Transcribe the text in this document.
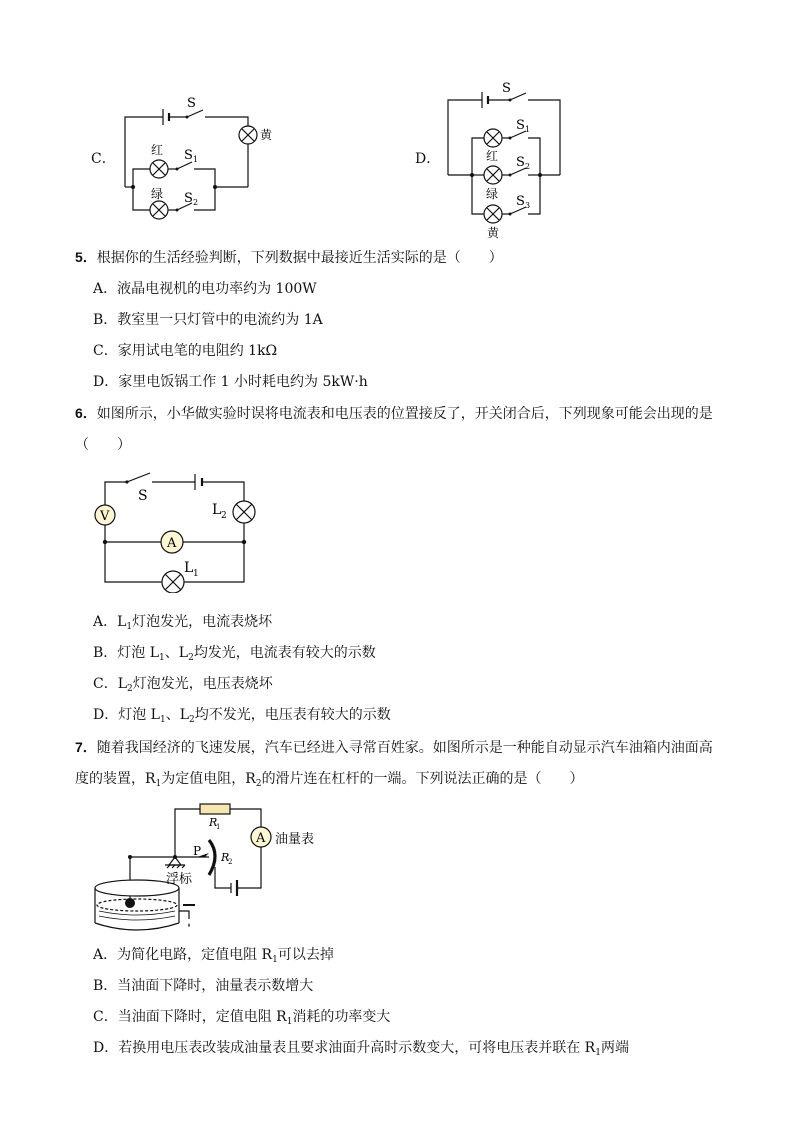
C．
S
黄
红 S 1
绿 S 2
D．
S
S 1
红 S 2
绿 S 3
黄
5．根据你的生活经验判断，下列数据中最接近生活实际的是（　　）
A．液晶电视机的电功率约为 100W
B．教室里一只灯管中的电流约为 1A
C．家用试电笔的电阻约 1kΩ
D．家里电饭锅工作 1 小时耗电约为 5kW·h
6．如图所示，小华做实验时误将电流表和电压表的位置接反了，开关闭合后，下列现象可能会出现的是
（　　）
V
A
S
L 2
L 1
A．$L_1$灯泡发光，电流表烧坏
B．灯泡 $L_1$、$L_2$均发光，电流表有较大的示数
C．$L_2$灯泡发光，电压表烧坏
D．灯泡 $L_1$、$L_2$均不发光，电压表有较大的示数
7．随着我国经济的飞速发展，汽车已经进入寻常百姓家。如图所示是一种能自动显示汽车油箱内油面高
度的装置，$R_1$为定值电阻，$R_2$的滑片连在杠杆的一端。下列说法正确的是（　　）
A 油量表
R
1
P R
2
浮标
A．为简化电路，定值电阻 $R_1$可以去掉
B．当油面下降时，油量表示数增大
C．当油面下降时，定值电阻 $R_1$消耗的功率变大
D．若换用电压表改装成油量表且要求油面升高时示数变大，可将电压表并联在 $R_1$两端
